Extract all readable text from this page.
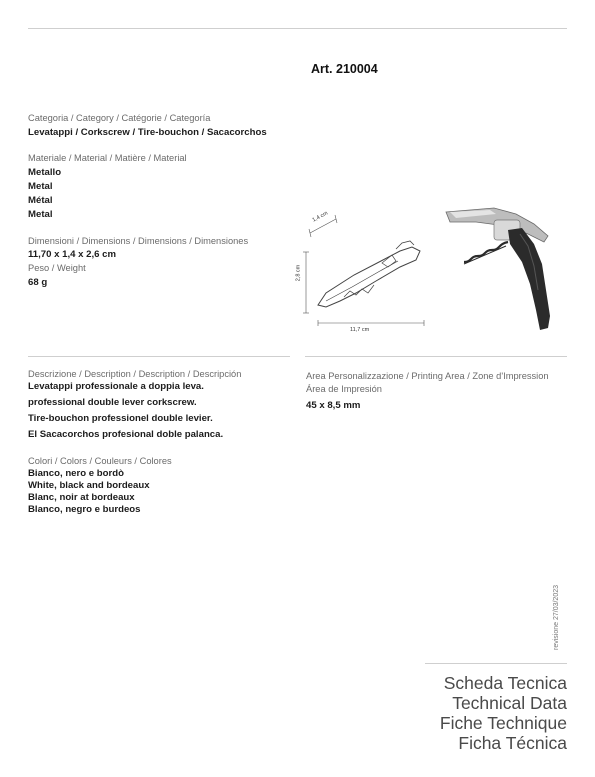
Art. 210004
Categoria / Category / Catégorie / Categoría
Levatappi / Corkscrew / Tire-bouchon / Sacacorchos
Materiale / Material / Matière / Material
Metallo
Metal
Métal
Metal
Dimensioni / Dimensions / Dimensions / Dimensiones
11,70 x 1,4 x 2,6 cm
Peso / Weight
68 g
1,4 cm
2,8 cm
11,7 cm
Descrizione / Description / Description / Descripción
Levatappi professionale a doppia leva.
professional double lever corkscrew.
Tire-bouchon professionel double levier.
El Sacacorchos profesional doble palanca.
Area Personalizzazione / Printing Area / Zone d'Impression
Área de Impresión
45 x 8,5 mm
Colori / Colors / Couleurs / Colores
Bianco, nero e bordò
White, black and bordeaux
Blanc, noir at bordeaux
Blanco, negro e burdeos
revisione 27/03/2023
Scheda Tecnica
Technical Data
Fiche Technique
Ficha Técnica
